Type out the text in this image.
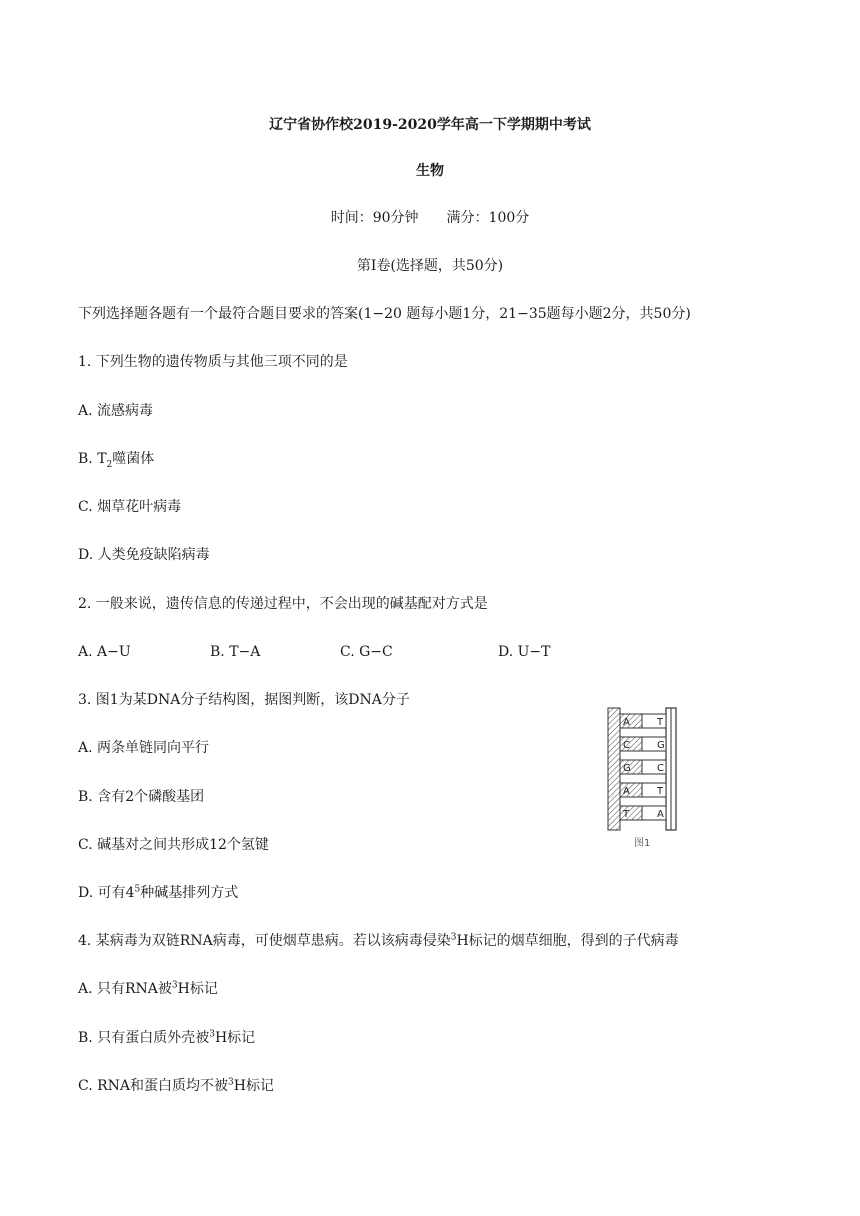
辽宁省协作校2019-2020学年高一下学期期中考试
生物
时间：90分钟　　满分：100分
第Ⅰ卷(选择题，共50分)
下列选择题各题有一个最符合题目要求的答案(1−20 题每小题1分，21−35题每小题2分，共50分)
1. 下列生物的遗传物质与其他三项不同的是
A. 流感病毒
B. $T_2$噬菌体
C. 烟草花叶病毒
D. 人类免疫缺陷病毒
2. 一般来说，遗传信息的传递过程中，不会出现的碱基配对方式是
A. A−U	B. T−A	C. G−C	D. U−T
3. 图1为某DNA分子结构图，据图判断，该DNA分子
A. 两条单链同向平行
B. 含有2个磷酸基团
C. 碱基对之间共形成12个氢键
D. 可有$4^5$种碱基排列方式
A	T
C	G
G	C
A	T
T	A
图1
4. 某病毒为双链RNA病毒，可使烟草患病。若以该病毒侵染$^3$H标记的烟草细胞，得到的子代病毒
A. 只有RNA被$^3$H标记
B. 只有蛋白质外壳被$^3$H标记
C. RNA和蛋白质均不被$^3$H标记
